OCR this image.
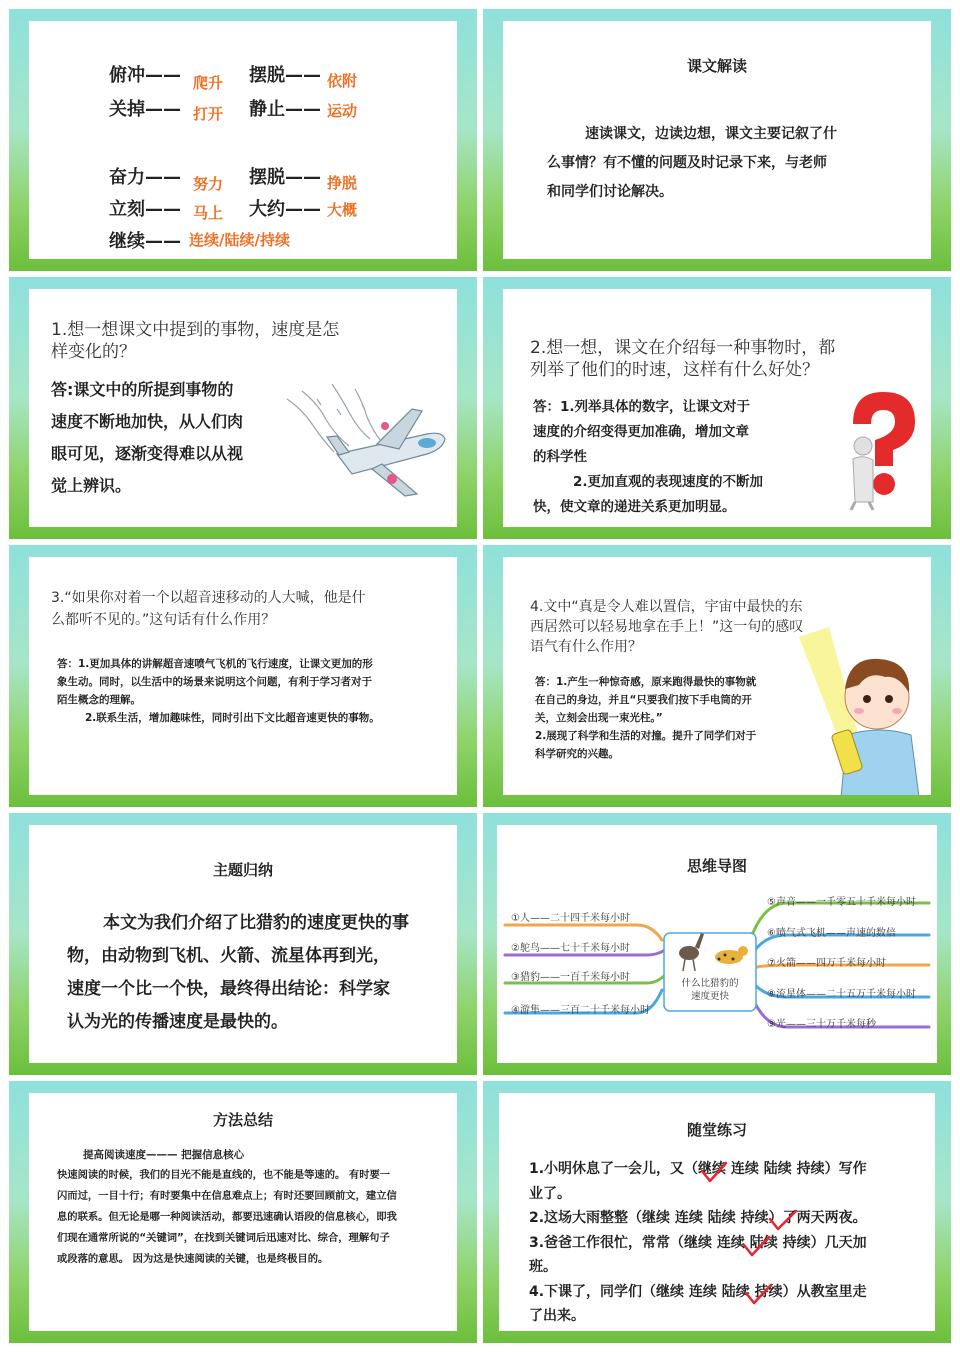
俯冲—— 爬升 摆脱—— 依附
关掉—— 打开 静止—— 运动
奋力—— 努力 摆脱—— 挣脱
立刻—— 马上 大约—— 大概
继续—— 连续/陆续/持续
课文解读
速读课文，边读边想，课文主要记叙了什
么事情？有不懂的问题及时记录下来，与老师
和同学们讨论解决。
1.想一想课文中提到的事物，速度是怎
样变化的？
答:课文中的所提到事物的
速度不断地加快，从人们肉
眼可见，逐渐变得难以从视
觉上辨识。
2.想一想，课文在介绍每一种事物时，都
列举了他们的时速，这样有什么好处？
答：1.列举具体的数字，让课文对于
速度的介绍变得更加准确，增加文章
的科学性
2.更加直观的表现速度的不断加
快，使文章的递进关系更加明显。
3.“如果你对着一个以超音速移动的人大喊，他是什
么都听不见的。”这句话有什么作用？
答：1.更加具体的讲解超音速喷气飞机的飞行速度，让课文更加的形
象生动。同时，以生活中的场景来说明这个问题，有利于学习者对于
陌生概念的理解。
2.联系生活，增加趣味性，同时引出下文比超音速更快的事物。
4.文中“真是令人难以置信，宇宙中最快的东
西居然可以轻易地拿在手上！”这一句的感叹
语气有什么作用？
答：1.产生一种惊奇感，原来跑得最快的事物就
在自己的身边，并且“只要我们按下手电筒的开
关，立刻会出现一束光柱。”
2.展现了科学和生活的对撞。提升了同学们对于
科学研究的兴趣。
主题归纳
本文为我们介绍了比猎豹的速度更快的事
物，由动物到飞机、火箭、流星体再到光，
速度一个比一个快，最终得出结论：科学家
认为光的传播速度是最快的。
思维导图
什么比猎豹的
速度更快
①人——二十四千米每小时
②鸵鸟——七十千米每小时
③猎豹——一百千米每小时
④游隼——三百二十千米每小时
⑤声音——一千零五十千米每小时
⑥喷气式飞机——声速的数倍
⑦火箭——四万千米每小时
⑧流星体——二十五万千米每小时
⑨光——三十万千米每秒
方法总结
提高阅读速度——— 把握信息核心
快速阅读的时候，我们的目光不能是直线的，也不能是等速的。 有时要一
闪而过，一目十行；有时要集中在信息难点上；有时还要回顾前文，建立信
息的联系。但无论是哪一种阅读活动，都要迅速确认语段的信息核心，即我
们现在通常所说的“关键词”，在找到关键词后迅速对比、综合，理解句子
或段落的意思。 因为这是快速阅读的关键，也是终极目的。
随堂练习
1.小明休息了一会儿，又（继续 连续 陆续 持续）写作
业了。
2.这场大雨整整（继续 连续 陆续 持续）了两天两夜。
3.爸爸工作很忙，常常（继续 连续 陆续 持续）几天加
班。
4.下课了，同学们（继续 连续 陆续 持续）从教室里走
了出来。
